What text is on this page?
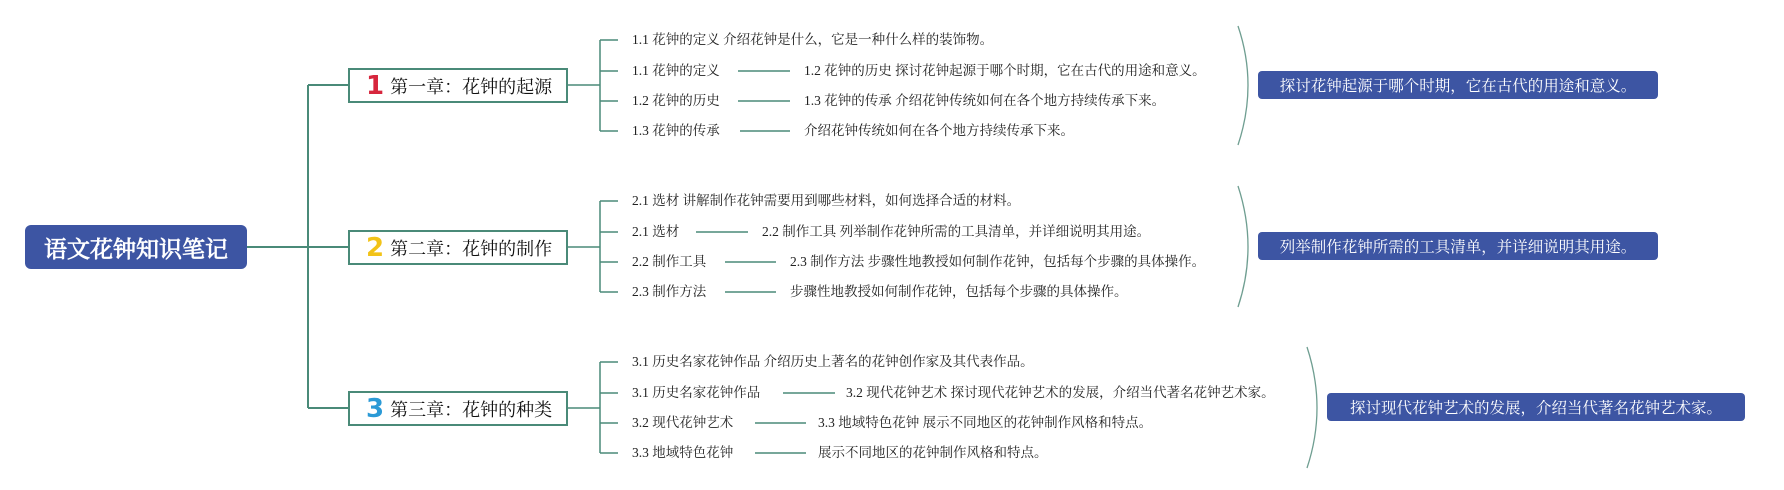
语文花钟知识笔记
1 第一章：花钟的起源
1.1 花钟的定义 介绍花钟是什么，它是一种什么样的装饰物。
1.1 花钟的定义	1.2 花钟的历史 探讨花钟起源于哪个时期，它在古代的用途和意义。
1.2 花钟的历史	1.3 花钟的传承 介绍花钟传统如何在各个地方持续传承下来。
1.3 花钟的传承	介绍花钟传统如何在各个地方持续传承下来。
探讨花钟起源于哪个时期，它在古代的用途和意义。
2 第二章：花钟的制作
2.1 选材 讲解制作花钟需要用到哪些材料，如何选择合适的材料。
2.1 选材	2.2 制作工具 列举制作花钟所需的工具清单，并详细说明其用途。
2.2 制作工具	2.3 制作方法 步骤性地教授如何制作花钟，包括每个步骤的具体操作。
2.3 制作方法	步骤性地教授如何制作花钟，包括每个步骤的具体操作。
列举制作花钟所需的工具清单，并详细说明其用途。
3 第三章：花钟的种类
3.1 历史名家花钟作品 介绍历史上著名的花钟创作家及其代表作品。
3.1 历史名家花钟作品	3.2 现代花钟艺术 探讨现代花钟艺术的发展，介绍当代著名花钟艺术家。
3.2 现代花钟艺术	3.3 地域特色花钟 展示不同地区的花钟制作风格和特点。
3.3 地域特色花钟	展示不同地区的花钟制作风格和特点。
探讨现代花钟艺术的发展，介绍当代著名花钟艺术家。
